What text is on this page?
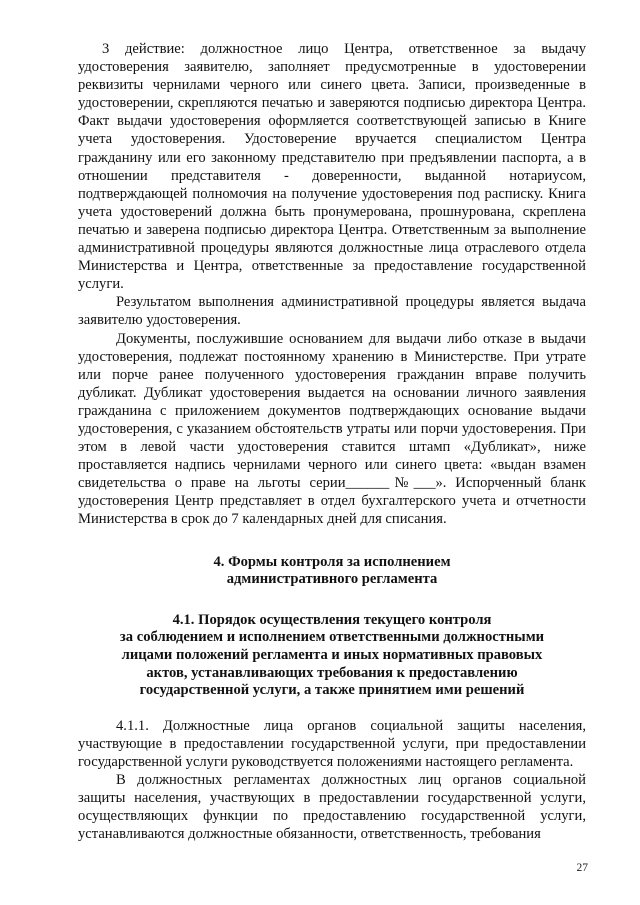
3 действие: должностное лицо Центра, ответственное за выдачу удостоверения заявителю, заполняет предусмотренные в удостоверении реквизиты чернилами черного или синего цвета. Записи, произведенные в удостоверении, скрепляются печатью и заверяются подписью директора Центра. Факт выдачи удостоверения оформляется соответствующей записью в Книге учета удостоверения. Удостоверение вручается специалистом Центра гражданину или его законному представителю при предъявлении паспорта, а в отношении представителя - доверенности, выданной нотариусом, подтверждающей полномочия на получение удостоверения под расписку. Книга учета удостоверений должна быть пронумерована, прошнурована, скреплена печатью и заверена подписью директора Центра. Ответственным за выполнение административной процедуры являются должностные лица отраслевого отдела Министерства и Центра, ответственные за предоставление государственной услуги.

Результатом выполнения административной процедуры является выдача заявителю удостоверения.

Документы, послужившие основанием для выдачи либо отказе в выдачи удостоверения, подлежат постоянному хранению в Министерстве. При утрате или порче ранее полученного удостоверения гражданин вправе получить дубликат. Дубликат удостоверения выдается на основании личного заявления гражданина с приложением документов подтверждающих основание выдачи удостоверения, с указанием обстоятельств утраты или порчи удостоверения. При этом в левой части удостоверения ставится штамп «Дубликат», ниже проставляется надпись чернилами черного или синего цвета: «выдан взамен свидетельства о праве на льготы серии______№___». Испорченный бланк удостоверения Центр представляет в отдел бухгалтерского учета и отчетности Министерства в срок до 7 календарных дней для списания.

4. Формы контроля за исполнением
административного регламента
4.1. Порядок осуществления текущего контроля
за соблюдением и исполнением ответственными должностными
лицами положений регламента и иных нормативных правовых
актов, устанавливающих требования к предоставлению
государственной услуги, а также принятием ими решений

4.1.1. Должностные лица органов социальной защиты населения, участвующие в предоставлении государственной услуги, при предоставлении государственной услуги руководствуется положениями настоящего регламента.

В должностных регламентах должностных лиц органов социальной защиты населения, участвующих в предоставлении государственной услуги, осуществляющих функции по предоставлению государственной услуги, устанавливаются должностные обязанности, ответственность, требования

27
